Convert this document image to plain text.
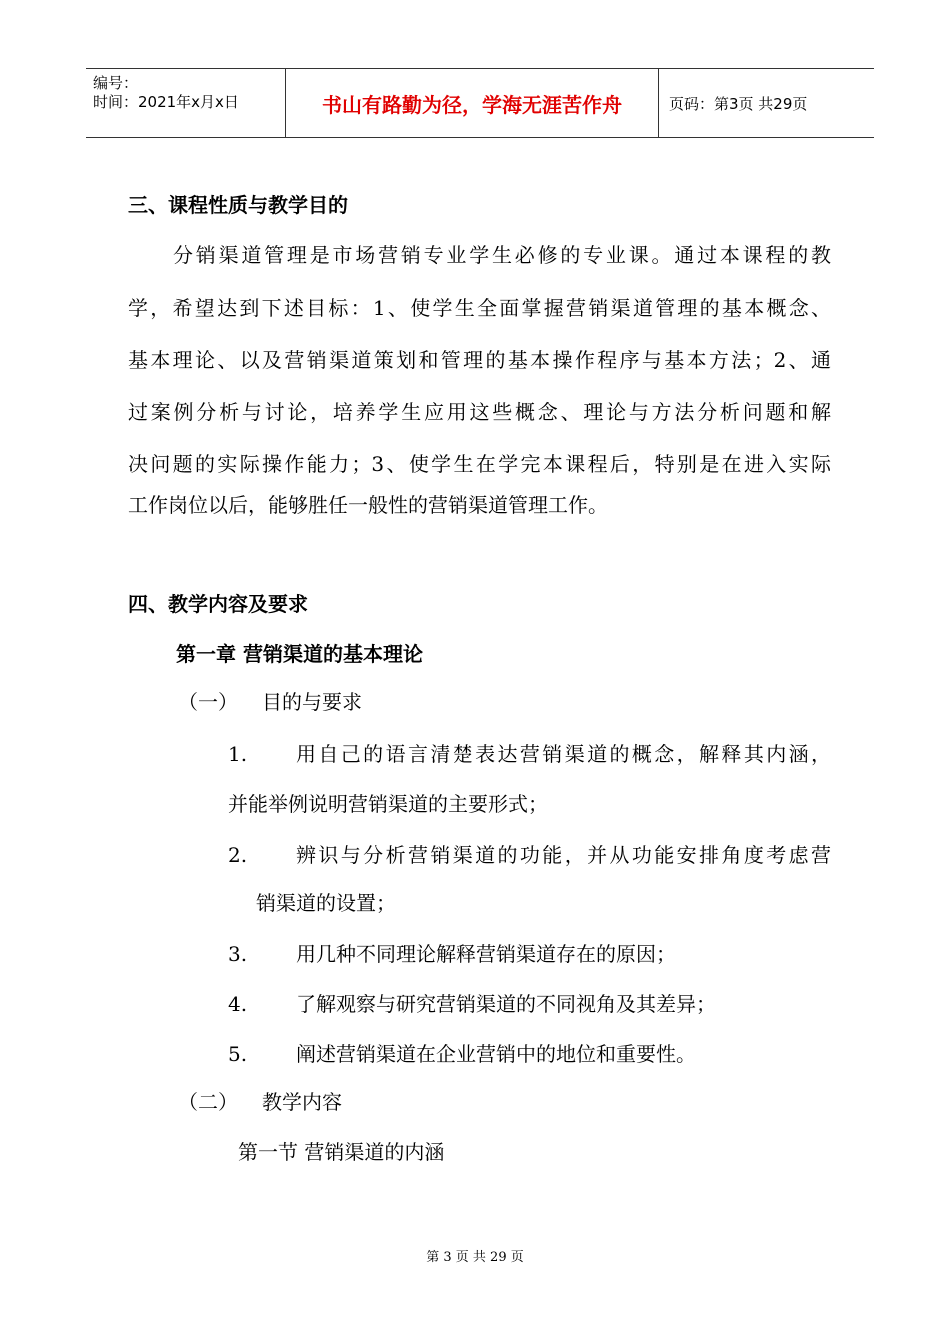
编号：
时间：2021年x月x日	书山有路勤为径，学海无涯苦作舟	页码：第3页 共29页
三、课程性质与教学目的
分销渠道管理是市场营销专业学生必修的专业课。通过本课程的教
学，希望达到下述目标：1、使学生全面掌握营销渠道管理的基本概念、
基本理论、以及营销渠道策划和管理的基本操作程序与基本方法；2、通
过案例分析与讨论，培养学生应用这些概念、理论与方法分析问题和解
决问题的实际操作能力；3、使学生在学完本课程后，特别是在进入实际
工作岗位以后，能够胜任一般性的营销渠道管理工作。
四、教学内容及要求
第一章 营销渠道的基本理论
（一） 目的与要求
1. 用自己的语言清楚表达营销渠道的概念，解释其内涵，
并能举例说明营销渠道的主要形式；
2. 辨识与分析营销渠道的功能，并从功能安排角度考虑营
销渠道的设置；
3. 用几种不同理论解释营销渠道存在的原因；
4. 了解观察与研究营销渠道的不同视角及其差异；
5. 阐述营销渠道在企业营销中的地位和重要性。
（二） 教学内容
第一节 营销渠道的内涵
第 3 页 共 29 页
